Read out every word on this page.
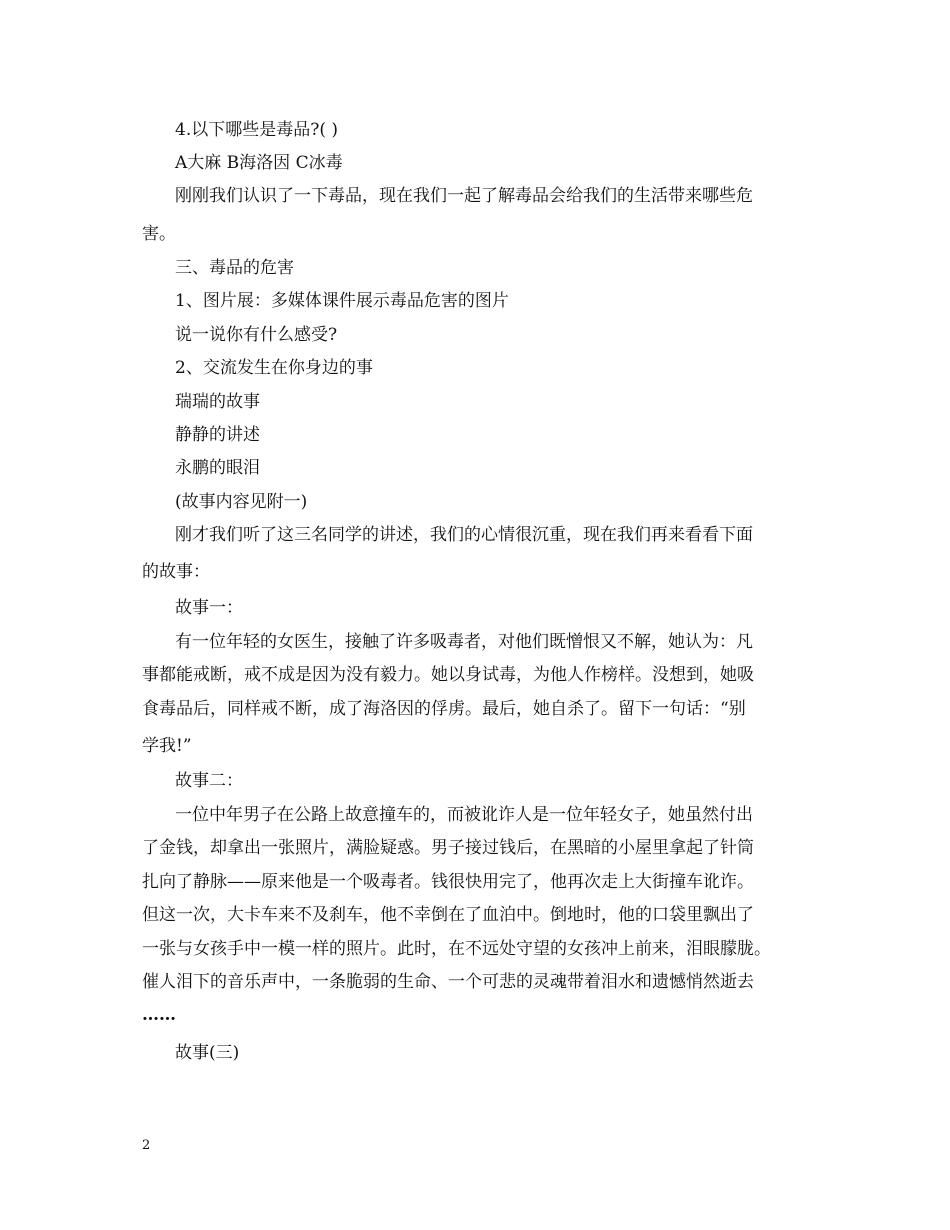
4.以下哪些是毒品?( )
A大麻 B海洛因 C冰毒
刚刚我们认识了一下毒品，现在我们一起了解毒品会给我们的生活带来哪些危
害。
三、毒品的危害
1、图片展：多媒体课件展示毒品危害的图片
说一说你有什么感受?
2、交流发生在你身边的事
瑞瑞的故事
静静的讲述
永鹏的眼泪
(故事内容见附一)
刚才我们听了这三名同学的讲述，我们的心情很沉重，现在我们再来看看下面
的故事：
故事一：
有一位年轻的女医生，接触了许多吸毒者，对他们既憎恨又不解，她认为：凡
事都能戒断，戒不成是因为没有毅力。她以身试毒，为他人作榜样。没想到，她吸
食毒品后，同样戒不断，成了海洛因的俘虏。最后，她自杀了。留下一句话：“别
学我!”
故事二：
一位中年男子在公路上故意撞车的，而被讹诈人是一位年轻女子，她虽然付出
了金钱，却拿出一张照片，满脸疑惑。男子接过钱后，在黑暗的小屋里拿起了针筒
扎向了静脉——原来他是一个吸毒者。钱很快用完了，他再次走上大街撞车讹诈。
但这一次，大卡车来不及刹车，他不幸倒在了血泊中。倒地时，他的口袋里飘出了
一张与女孩手中一模一样的照片。此时，在不远处守望的女孩冲上前来，泪眼朦胧。
催人泪下的音乐声中，一条脆弱的生命、一个可悲的灵魂带着泪水和遗憾悄然逝去
……
故事(三)
2
